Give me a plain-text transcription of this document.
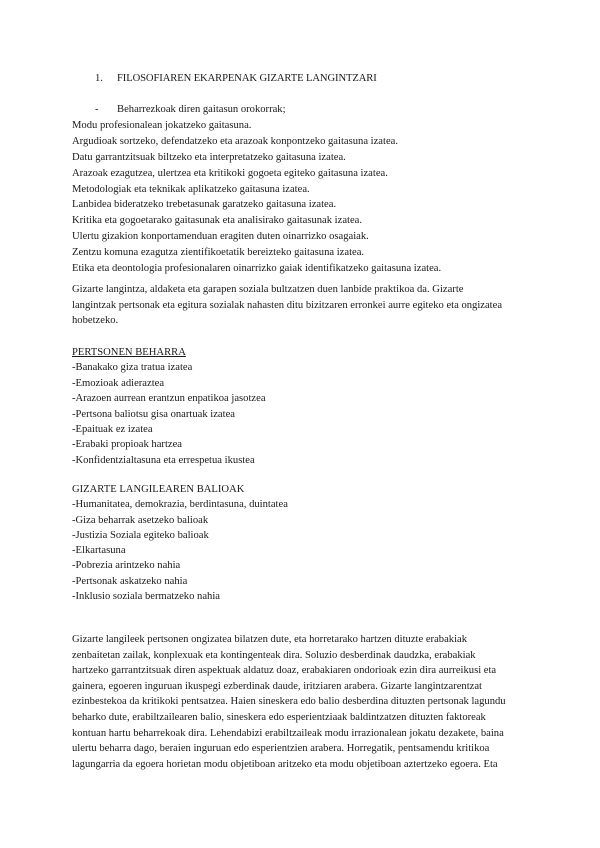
1. FILOSOFIAREN EKARPENAK GIZARTE LANGINTZARI
- Beharrezkoak diren gaitasun orokorrak;
Modu profesionalean jokatzeko gaitasuna.
Argudioak sortzeko, defendatzeko eta arazoak konpontzeko gaitasuna izatea.
Datu garrantzitsuak biltzeko eta interpretatzeko gaitasuna izatea.
Arazoak ezagutzea, ulertzea eta kritikoki gogoeta egiteko gaitasuna izatea.
Metodologiak eta teknikak aplikatzeko gaitasuna izatea.
Lanbidea bideratzeko trebetasunak garatzeko gaitasuna izatea.
Kritika eta gogoetarako gaitasunak eta analisirako gaitasunak izatea.
Ulertu gizakion konportamenduan eragiten duten oinarrizko osagaiak.
Zentzu komuna ezagutza zientifikoetatik bereizteko gaitasuna izatea.
Etika eta deontologia profesionalaren oinarrizko gaiak identifikatzeko gaitasuna izatea.
Gizarte langintza, aldaketa eta garapen soziala bultzatzen duen lanbide praktikoa da. Gizarte
langintzak pertsonak eta egitura sozialak nahasten ditu bizitzaren erronkei aurre egiteko eta ongizatea
hobetzeko.
PERTSONEN BEHARRA
-Banakako giza tratua izatea
-Emozioak adieraztea
-Arazoen aurrean erantzun enpatikoa jasotzea
-Pertsona baliotsu gisa onartuak izatea
-Epaituak ez izatea
-Erabaki propioak hartzea
-Konfidentzialtasuna eta errespetua ikustea
GIZARTE LANGILEAREN BALIOAK
-Humanitatea, demokrazia, berdintasuna, duintatea
-Giza beharrak asetzeko balioak
-Justizia Soziala egiteko balioak
-Elkartasuna
-Pobrezia arintzeko nahia
-Pertsonak askatzeko nahia
-Inklusio soziala bermatzeko nahia
Gizarte langileek pertsonen ongizatea bilatzen dute, eta horretarako hartzen dituzte erabakiak
zenbaitetan zailak, konplexuak eta kontingenteak dira. Soluzio desberdinak daudzka, erabakiak
hartzeko garrantzitsuak diren aspektuak aldatuz doaz, erabakiaren ondorioak ezin dira aurreikusi eta
gainera, egoeren inguruan ikuspegi ezberdinak daude, iritziaren arabera. Gizarte langintzarentzat
ezinbestekoa da kritikoki pentsatzea. Haien sineskera edo balio desberdina dituzten pertsonak lagundu
beharko dute, erabiltzailearen balio, sineskera edo esperientziaak baldintzatzen dituzten faktoreak
kontuan hartu beharrekoak dira. Lehendabizi erabiltzaileak modu irrazionalean jokatu dezakete, baina
ulertu beharra dago, beraien inguruan edo esperientzien arabera. Horregatik, pentsamendu kritikoa
lagungarria da egoera horietan modu objetiboan aritzeko eta modu objetiboan aztertzeko egoera. Eta
